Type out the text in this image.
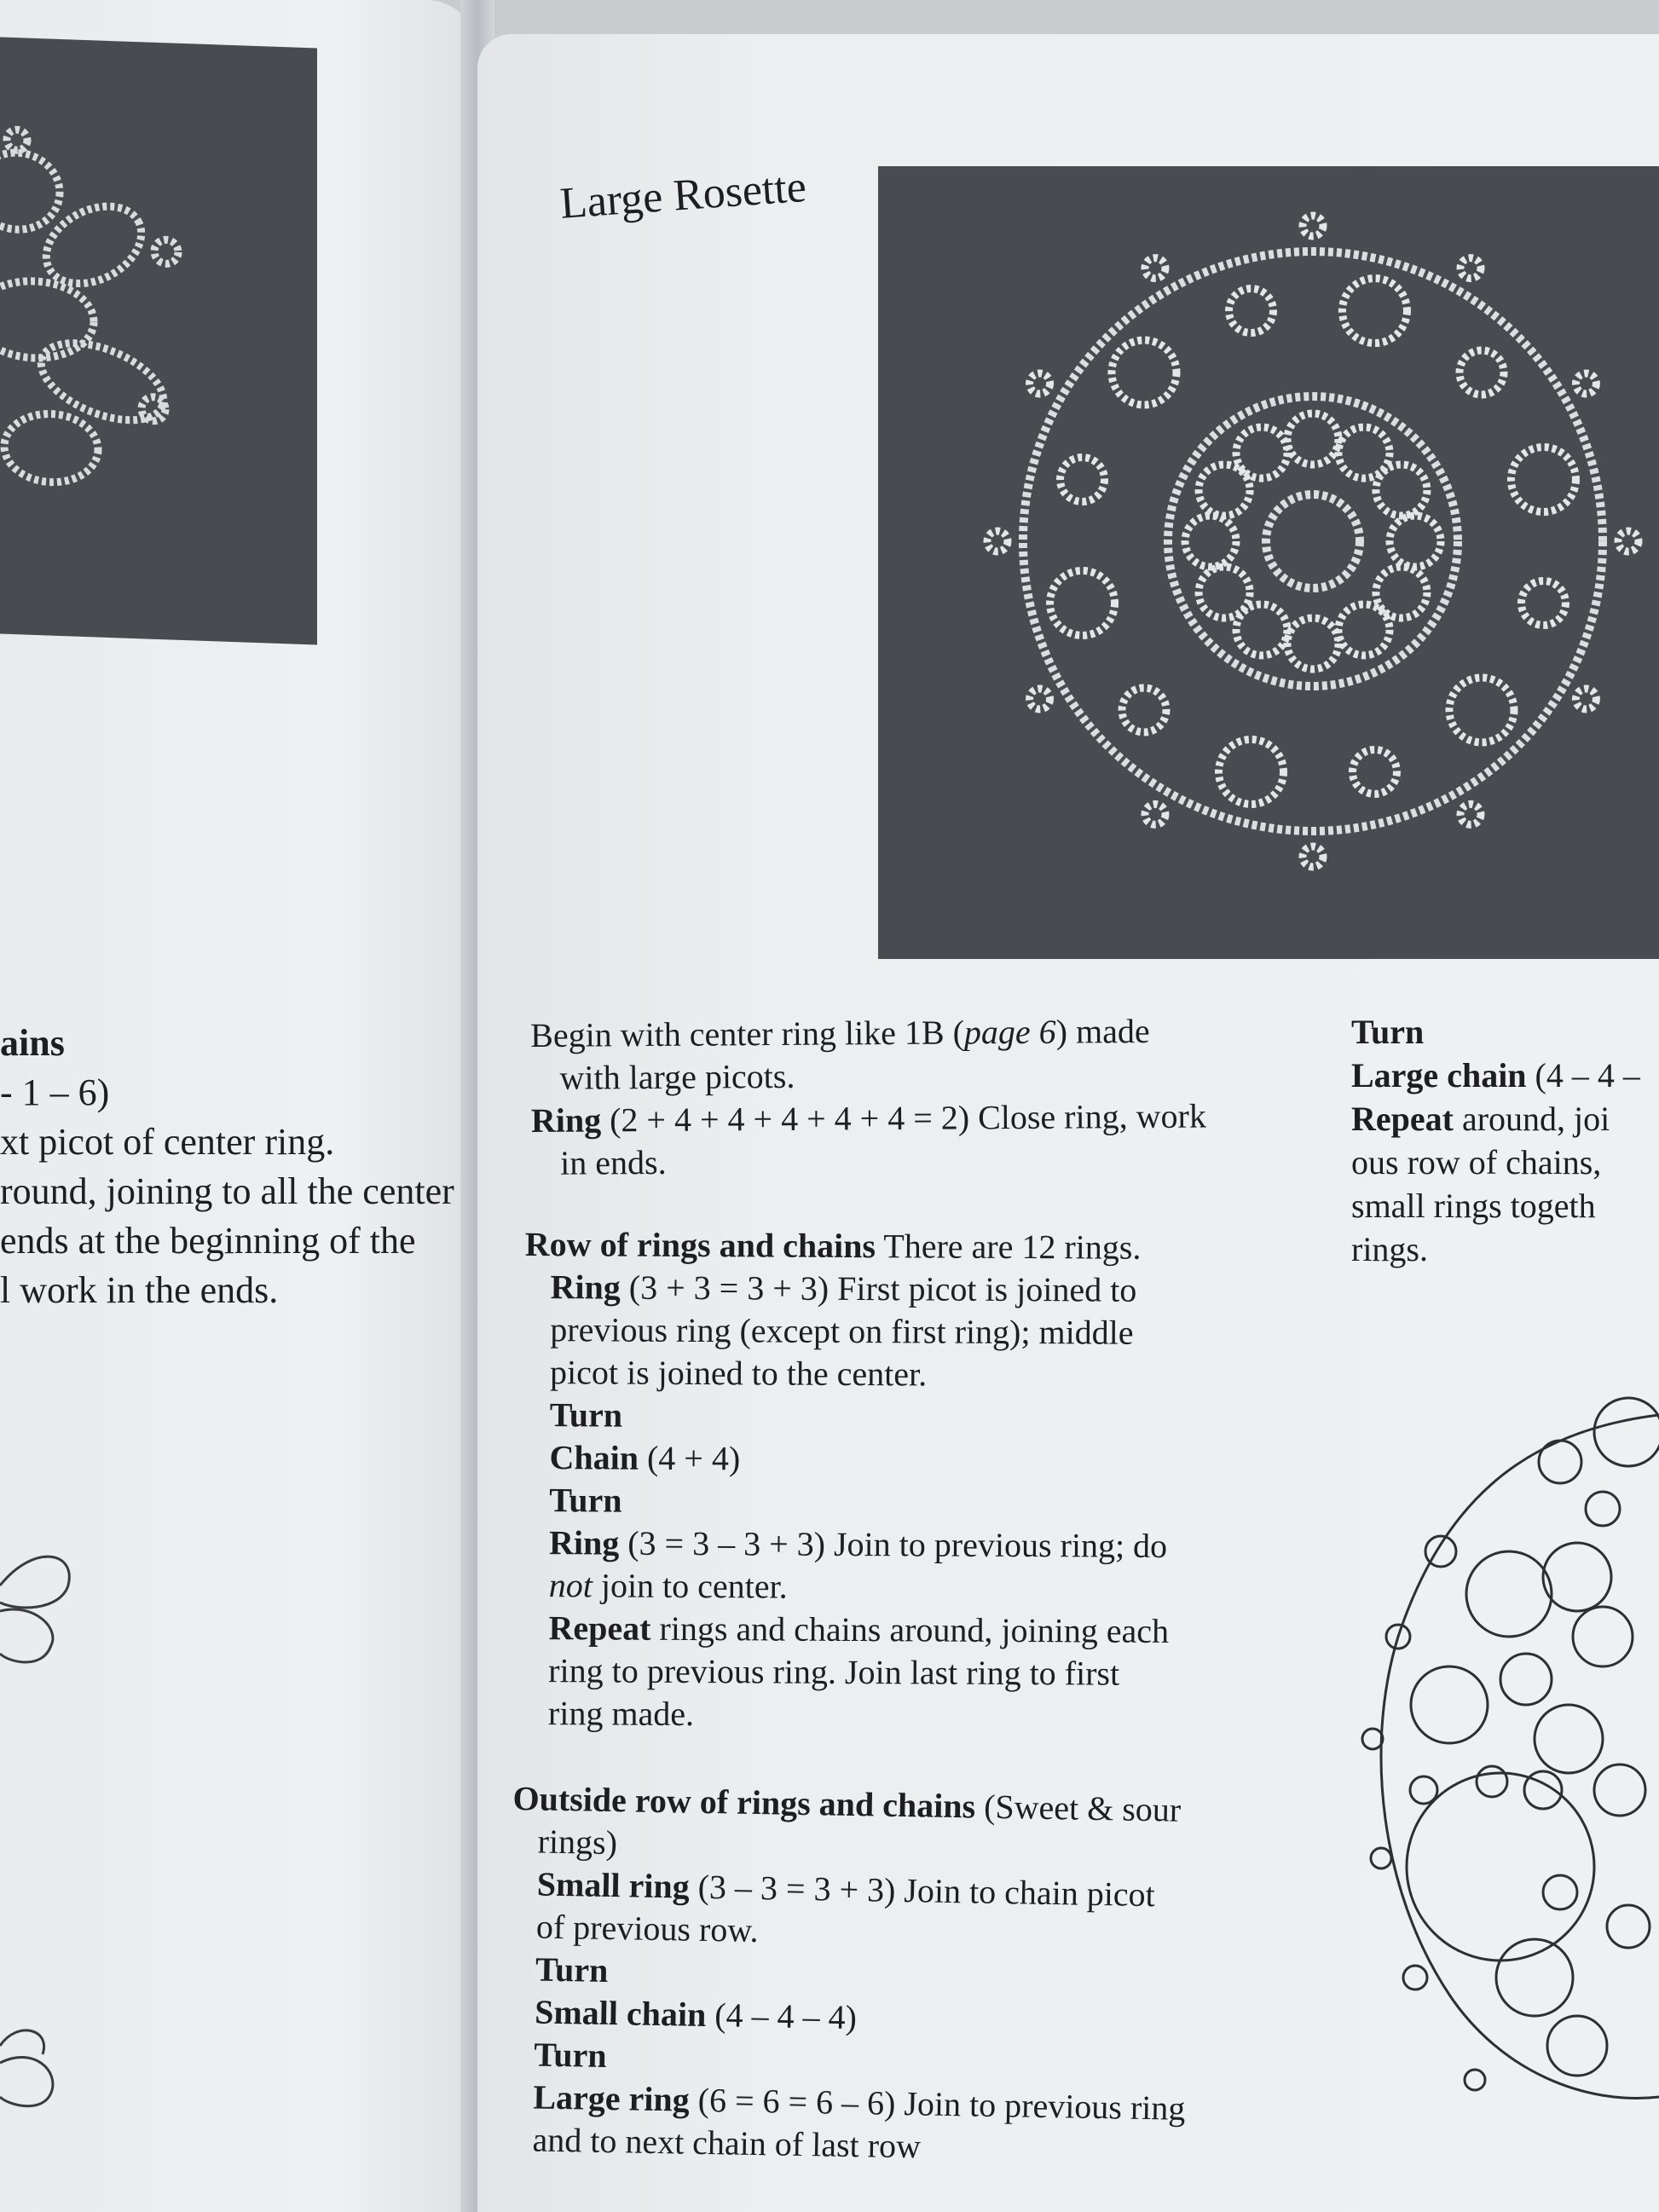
ains
- 1 – 6)
xt picot of center ring.
round, joining to all the center
ends at the beginning of the
l work in the ends.
Large Rosette
Begin with center ring like 1B (page 6) made
with large picots.
Ring (2 + 4 + 4 + 4 + 4 + 4 = 2) Close ring, work
in ends.
Row of rings and chains There are 12 rings.
Ring (3 + 3 = 3 + 3) First picot is joined to
previous ring (except on first ring); middle
picot is joined to the center.
Turn
Chain (4 + 4)
Turn
Ring (3 = 3 – 3 + 3) Join to previous ring; do
not join to center.
Repeat rings and chains around, joining each
ring to previous ring. Join last ring to first
ring made.
Outside row of rings and chains (Sweet & sour
rings)
Small ring (3 – 3 = 3 + 3) Join to chain picot
of previous row.
Turn
Small chain (4 – 4 – 4)
Turn
Large ring (6 = 6 = 6 – 6) Join to previous ring
and to next chain of last row
Turn
Large chain (4 – 4 –
Repeat around, joi
ous row of chains,
small rings togeth
rings.
